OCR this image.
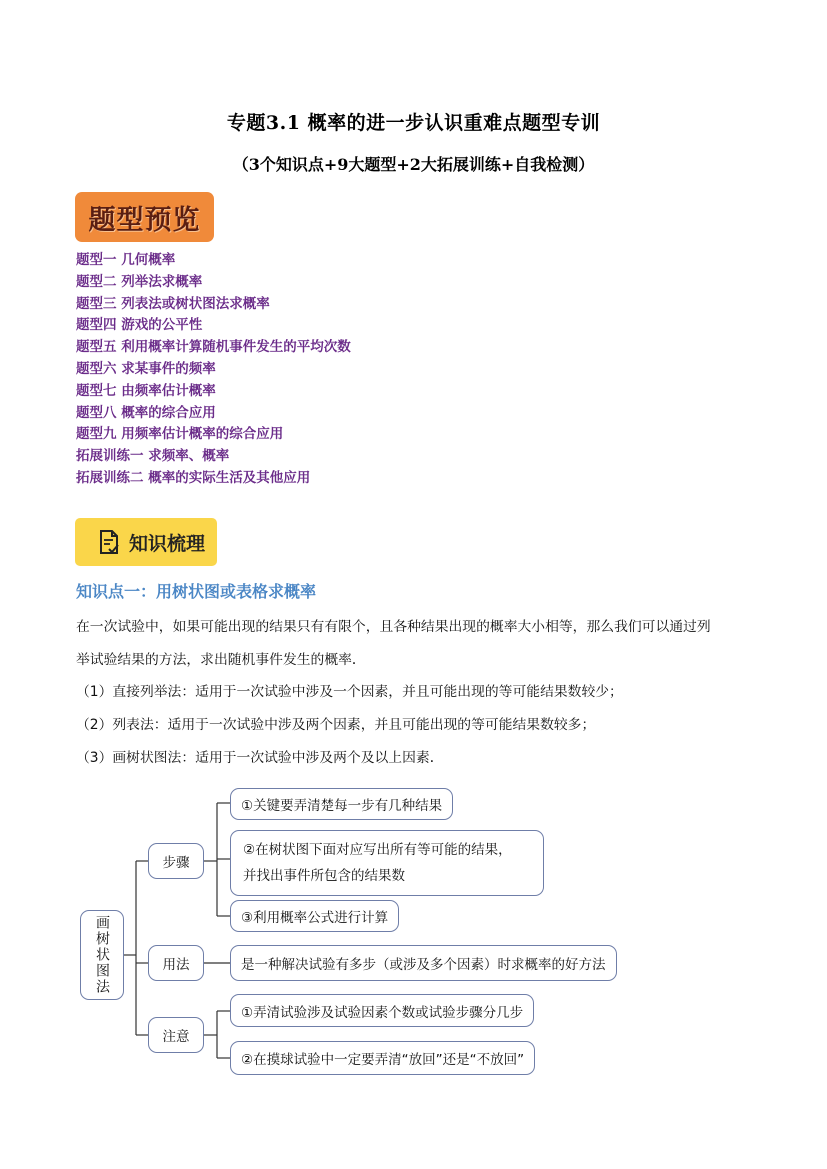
专题3.1 概率的进一步认识重难点题型专训
（3个知识点+9大题型+2大拓展训练+自我检测）
题型预览
题型一 几何概率
题型二 列举法求概率
题型三 列表法或树状图法求概率
题型四 游戏的公平性
题型五 利用概率计算随机事件发生的平均次数
题型六 求某事件的频率
题型七 由频率估计概率
题型八 概率的综合应用
题型九 用频率估计概率的综合应用
拓展训练一 求频率、概率
拓展训练二 概率的实际生活及其他应用
知识梳理
知识点一：用树状图或表格求概率
在一次试验中，如果可能出现的结果只有有限个，且各种结果出现的概率大小相等，那么我们可以通过列
举试验结果的方法，求出随机事件发生的概率．
（1）直接列举法：适用于一次试验中涉及一个因素，并且可能出现的等可能结果数较少；
（2）列表法：适用于一次试验中涉及两个因素，并且可能出现的等可能结果数较多；
（3）画树状图法：适用于一次试验中涉及两个及以上因素．
画树状图法
步骤
用法
注意
①关键要弄清楚每一步有几种结果
②在树状图下面对应写出所有等可能的结果，
并找出事件所包含的结果数
③利用概率公式进行计算
是一种解决试验有多步（或涉及多个因素）时求概率的好方法
①弄清试验涉及试验因素个数或试验步骤分几步
②在摸球试验中一定要弄清“放回”还是“不放回”
